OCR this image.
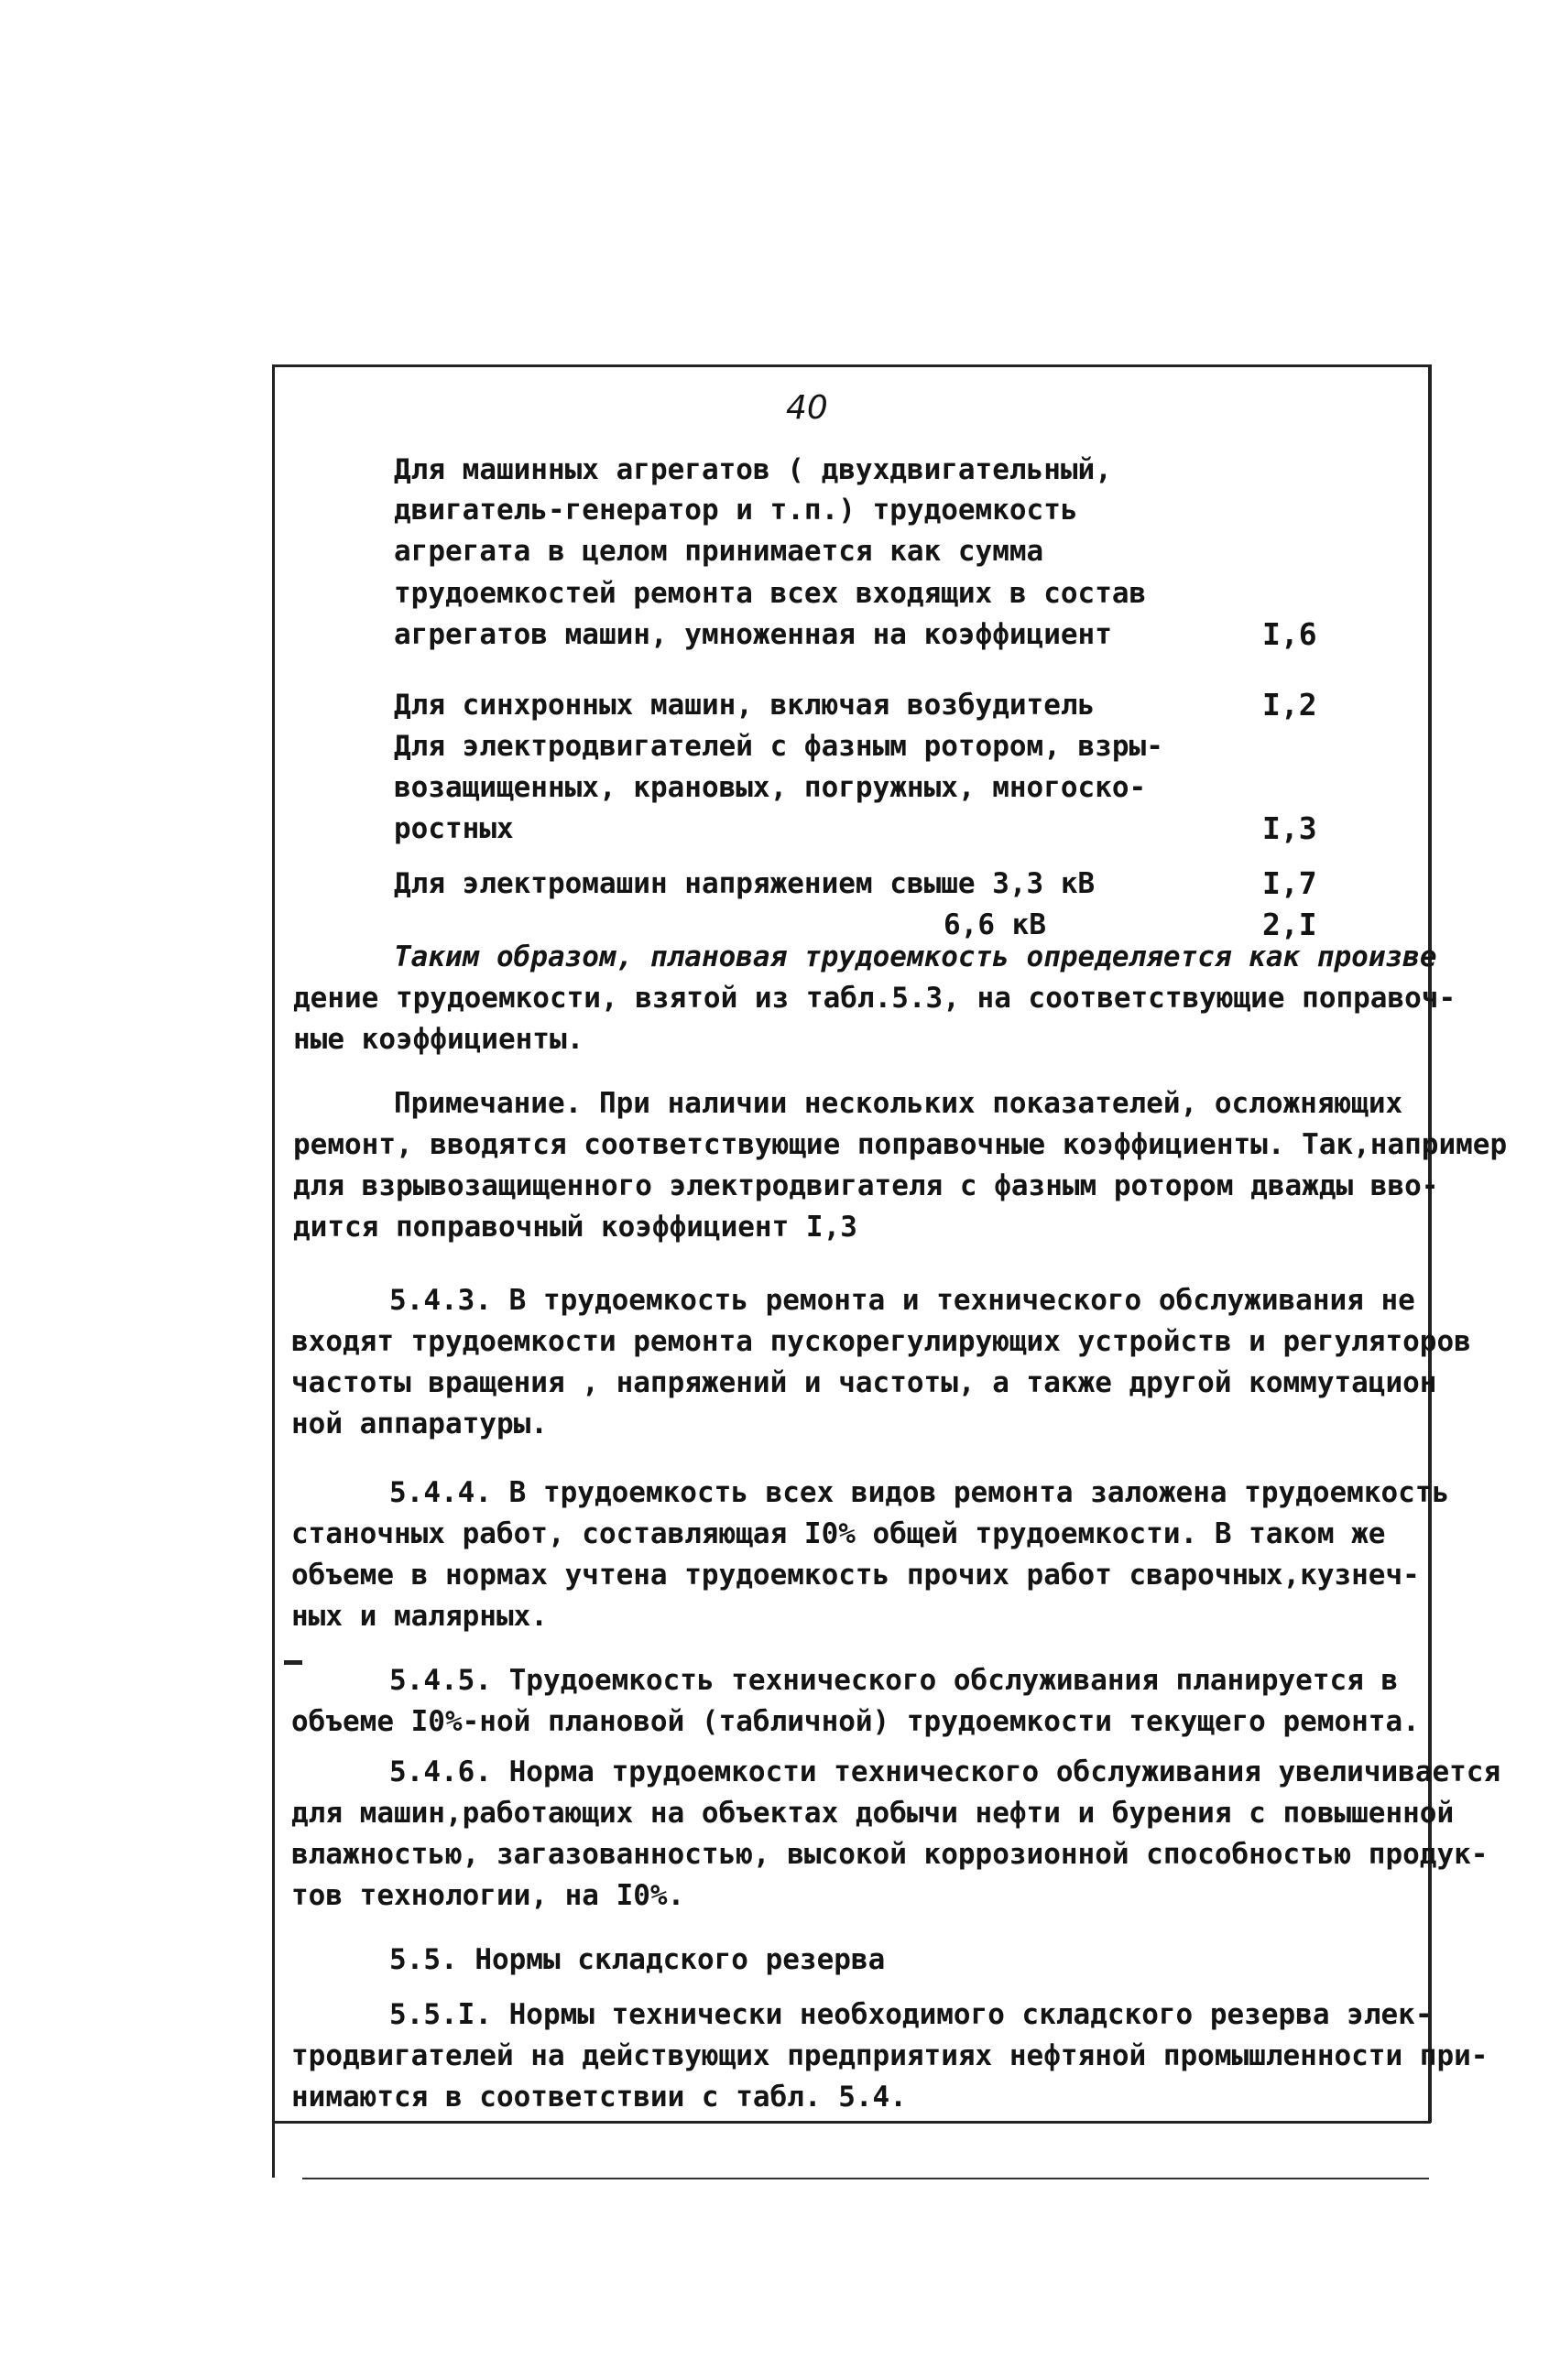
40
Для машинных агрегатов ( двухдвигательный,
двигатель-генератор и т.п.) трудоемкость
агрегата в целом принимается как сумма
трудоемкостей ремонта всех входящих в состав
агрегатов машин, умноженная на коэффициент	I,6
Для синхронных машин, включая возбудитель	I,2
Для электродвигателей с фазным ротором, взры-
возащищенных, крановых, погружных, многоско-
ростных	I,3
Для электромашин напряжением свыше 3,3 кВ	I,7
6,6 кВ	2,I
Таким образом, плановая трудоемкость определяется как произве
дение трудоемкости, взятой из табл.5.3, на соответствующие поправоч-
ные коэффициенты.
Примечание. При наличии нескольких показателей, осложняющих
ремонт, вводятся соответствующие поправочные коэффициенты. Так,например
для взрывозащищенного электродвигателя с фазным ротором дважды вво-
дится поправочный коэффициент I,3
5.4.3. В трудоемкость ремонта и технического обслуживания не
входят трудоемкости ремонта пускорегулирующих устройств и регуляторов
частоты вращения , напряжений и частоты, а также другой коммутацион
ной аппаратуры.
5.4.4. В трудоемкость всех видов ремонта заложена трудоемкость
станочных работ, составляющая I0% общей трудоемкости. В таком же
объеме в нормах учтена трудоемкость прочих работ сварочных,кузнеч-
ных и малярных.
5.4.5. Трудоемкость технического обслуживания планируется в
объеме I0%-ной плановой (табличной) трудоемкости текущего ремонта.
5.4.6. Норма трудоемкости технического обслуживания увеличивается
для машин,работающих на объектах добычи нефти и бурения с повышенной
влажностью, загазованностью, высокой коррозионной способностью продук-
тов технологии, на I0%.
5.5. Нормы складского резерва
5.5.I. Нормы технически необходимого складского резерва элек-
тродвигателей на действующих предприятиях нефтяной промышленности при-
нимаются в соответствии с табл. 5.4.
